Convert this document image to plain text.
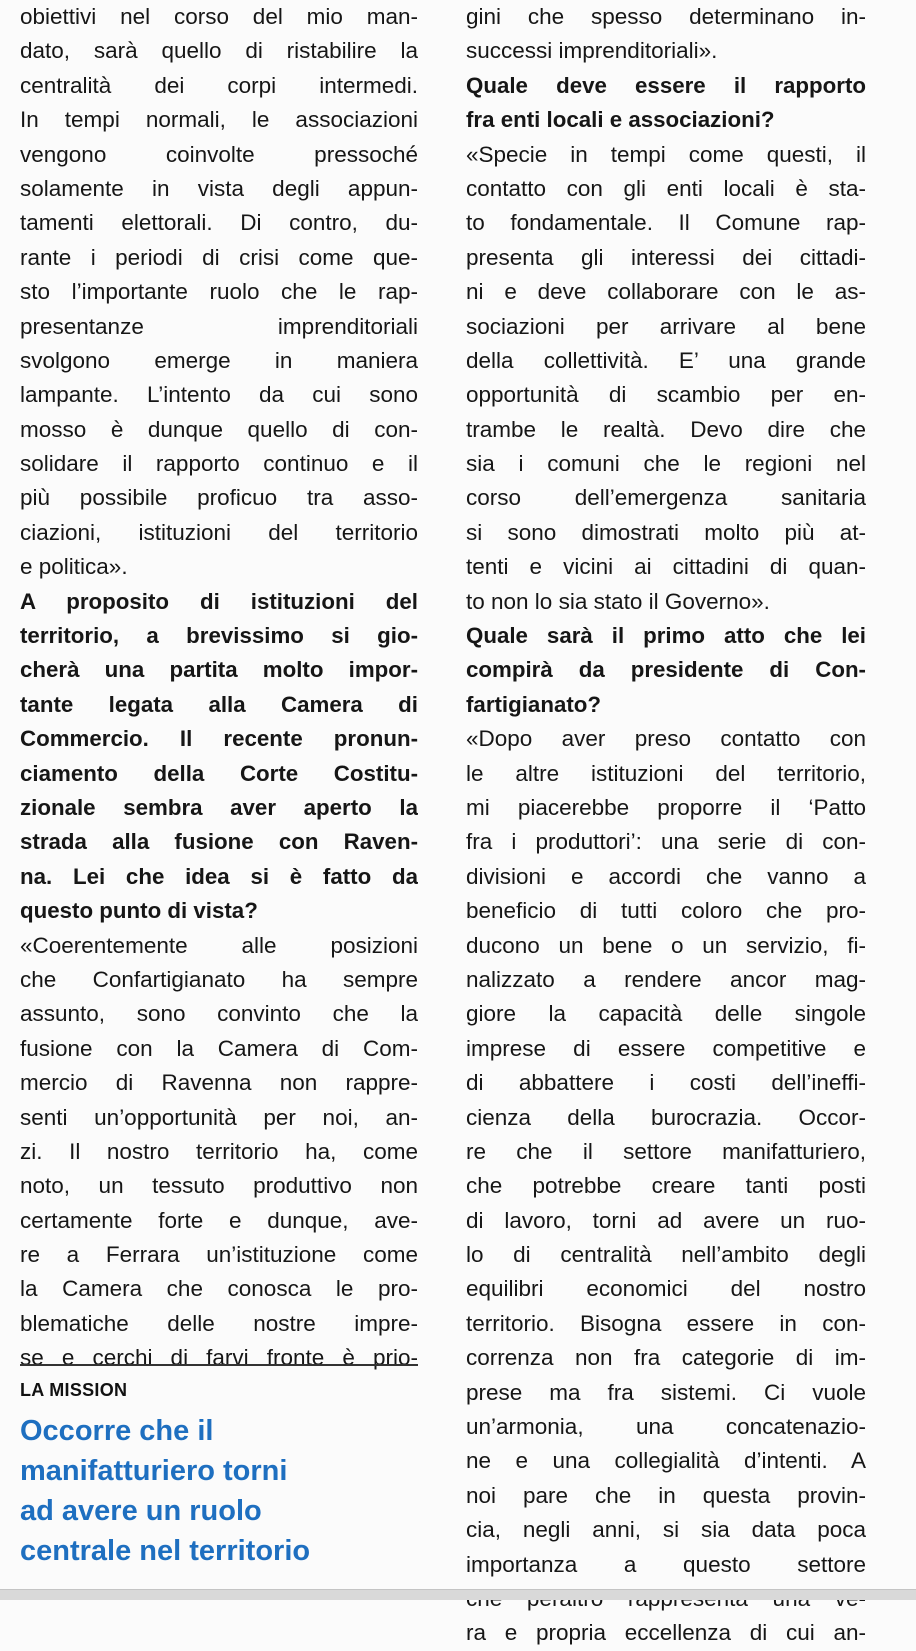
obiettivi nel corso del mio man-
dato, sarà quello di ristabilire la
centralità dei corpi intermedi.
In tempi normali, le associazioni
vengono coinvolte pressoché
solamente in vista degli appun-
tamenti elettorali. Di contro, du-
rante i periodi di crisi come que-
sto l’importante ruolo che le rap-
presentanze imprenditoriali
svolgono emerge in maniera
lampante. L’intento da cui sono
mosso è dunque quello di con-
solidare il rapporto continuo e il
più possibile proficuo tra asso-
ciazioni, istituzioni del territorio
e politica».
A proposito di istituzioni del
territorio, a brevissimo si gio-
cherà una partita molto impor-
tante legata alla Camera di
Commercio. Il recente pronun-
ciamento della Corte Costitu-
zionale sembra aver aperto la
strada alla fusione con Raven-
na. Lei che idea si è fatto da
questo punto di vista?
«Coerentemente alle posizioni
che Confartigianato ha sempre
assunto, sono convinto che la
fusione con la Camera di Com-
mercio di Ravenna non rappre-
senti un’opportunità per noi, an-
zi. Il nostro territorio ha, come
noto, un tessuto produttivo non
certamente forte e dunque, ave-
re a Ferrara un’istituzione come
la Camera che conosca le pro-
blematiche delle nostre impre-
se e cerchi di farvi fronte è prio-
gini che spesso determinano in-
successi imprenditoriali».
Quale deve essere il rapporto
fra enti locali e associazioni?
«Specie in tempi come questi, il
contatto con gli enti locali è sta-
to fondamentale. Il Comune rap-
presenta gli interessi dei cittadi-
ni e deve collaborare con le as-
sociazioni per arrivare al bene
della collettività. E’ una grande
opportunità di scambio per en-
trambe le realtà. Devo dire che
sia i comuni che le regioni nel
corso dell’emergenza sanitaria
si sono dimostrati molto più at-
tenti e vicini ai cittadini di quan-
to non lo sia stato il Governo».
Quale sarà il primo atto che lei
compirà da presidente di Con-
fartigianato?
«Dopo aver preso contatto con
le altre istituzioni del territorio,
mi piacerebbe proporre il ‘Patto
fra i produttori’: una serie di con-
divisioni e accordi che vanno a
beneficio di tutti coloro che pro-
ducono un bene o un servizio, fi-
nalizzato a rendere ancor mag-
giore la capacità delle singole
imprese di essere competitive e
di abbattere i costi dell’ineffi-
cienza della burocrazia. Occor-
re che il settore manifatturiero,
che potrebbe creare tanti posti
di lavoro, torni ad avere un ruo-
lo di centralità nell’ambito degli
equilibri economici del nostro
territorio. Bisogna essere in con-
correnza non fra categorie di im-
prese ma fra sistemi. Ci vuole
un’armonia, una concatenazio-
ne e una collegialità d’intenti. A
noi pare che in questa provin-
cia, negli anni, si sia data poca
importanza a questo settore
ra e propria eccellenza di cui an-
LA MISSION
Occorre che il
manifatturiero torni
ad avere un ruolo
centrale nel territorio
